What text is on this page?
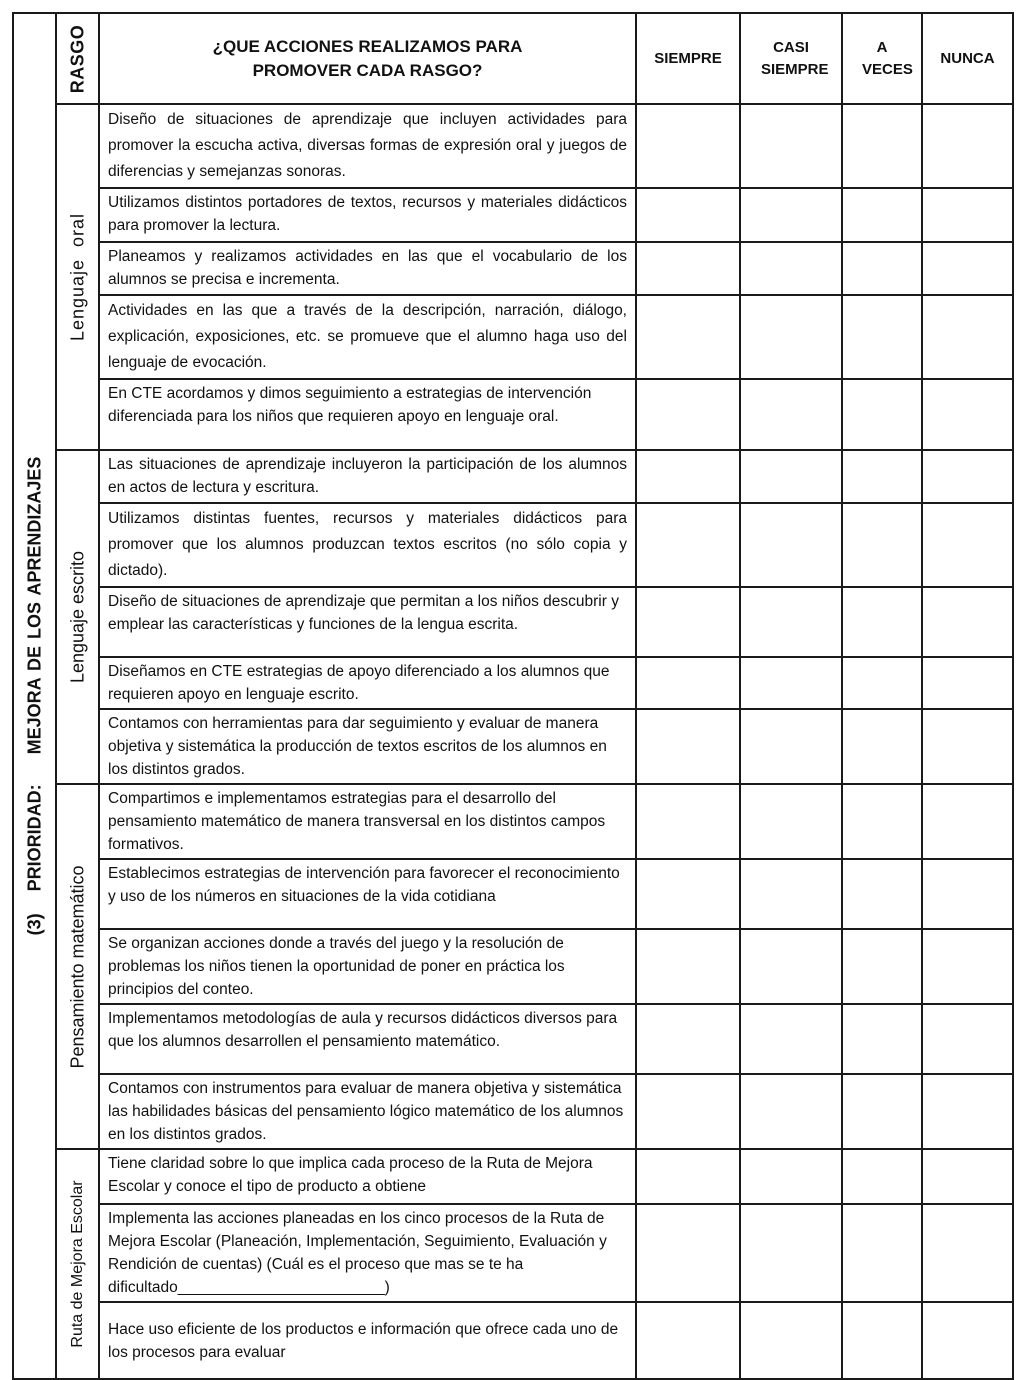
(3)PRIORIDAD:MEJORA DE LOS APRENDIZAJES	RASGO	¿QUE ACCIONES REALIZAMOS PARA
PROMOVER CADA RASGO?	SIEMPRE	CASI SIEMPRE	A VECES	NUNCA

	Lenguaje oral	Diseño de situaciones de aprendizaje que incluyen actividades para promover la escucha activa, diversas formas de expresión oral y juegos de diferencias y semejanzas sonoras.				
		Utilizamos distintos portadores de textos, recursos y materiales didácticos para promover la lectura.				
		Planeamos y realizamos actividades en las que el vocabulario de los alumnos se precisa e incrementa.				
		Actividades en las que a través de la descripción, narración, diálogo, explicación, exposiciones, etc. se promueve que el alumno haga uso del lenguaje de evocación.				
		En CTE acordamos y dimos seguimiento a estrategias de intervención diferenciada para los niños que requieren apoyo en lenguaje oral.				

	Lenguaje escrito	Las situaciones de aprendizaje incluyeron la participación de los alumnos en actos de lectura y escritura.				
		Utilizamos distintas fuentes, recursos y materiales didácticos para promover que los alumnos produzcan textos escritos (no sólo copia y dictado).				
		Diseño de situaciones de aprendizaje que permitan a los niños descubrir y emplear las características y funciones de la lengua escrita.				
		Diseñamos en CTE estrategias de apoyo diferenciado a los alumnos que requieren apoyo en lenguaje escrito.				
		Contamos con herramientas para dar seguimiento y evaluar de manera objetiva y sistemática la producción de textos escritos de los alumnos en los distintos grados.				

	Pensamiento matemático	Compartimos e implementamos estrategias para el desarrollo del pensamiento matemático de manera transversal en los distintos campos formativos.				
		Establecimos estrategias de intervención para favorecer el reconocimiento y uso de los números en situaciones de la vida cotidiana				
		Se organizan acciones donde a través del juego y la resolución de problemas los niños tienen la oportunidad de poner en práctica los principios del conteo.				
		Implementamos metodologías de aula y recursos didácticos diversos para que los alumnos desarrollen el pensamiento matemático.				
		Contamos con instrumentos para evaluar de manera objetiva y sistemática las habilidades básicas del pensamiento lógico matemático de los alumnos en los distintos grados.				

	Ruta de Mejora Escolar	Tiene claridad sobre lo que implica cada proceso de la Ruta de Mejora Escolar y conoce el tipo de producto a obtiene				
		Implementa las acciones planeadas en los cinco procesos de la Ruta de Mejora Escolar (Planeación, Implementación, Seguimiento, Evaluación y Rendición de cuentas) (Cuál es el proceso que mas se te ha dificultado________________________)				
		Hace uso eficiente de los productos e información que ofrece cada uno de los procesos para evaluar				
